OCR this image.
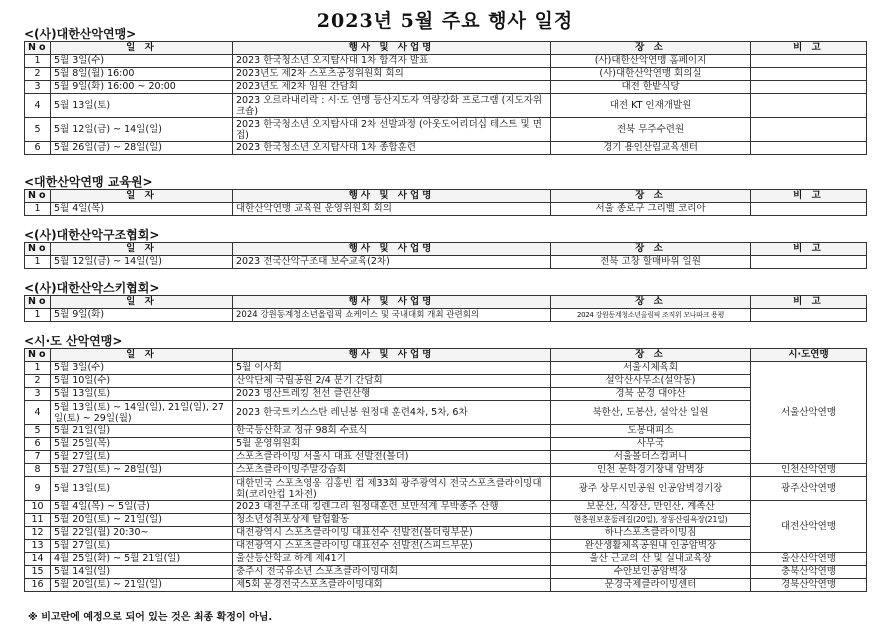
2023년 5월 주요 행사 일정
<(사)대한산악연맹>
No	일 자	행사 및 사업명	장 소	비 고
1	5월 3일(수)	2023 한국청소년 오지탐사대 1차 합격자 발표	(사)대한산악연맹 홈페이지	
2	5월 8일(월) 16:00	2023년도 제2차 스포츠공정위원회 회의	(사)대한산악연맹 회의실	
3	5월 9일(화) 16:00 ~ 20:00	2023년도 제2차 임원 간담회	대전 한밭식당	
4	5월 13일(토)	2023 오르라내리락 : 시·도 연맹 등산지도자 역량강화 프로그램 (지도자위크숍)	대전 KT 인재개발원	
5	5월 12일(금) ~ 14일(일)	2023 한국청소년 오지탐사대 2차 선발과정 (아웃도어리더십 테스트 및 면접)	전북 무주수련원	
6	5월 26일(금) ~ 28일(일)	2023 한국청소년 오지탐사대 1차 종합훈련	경기 용인산림교육센터	
<대한산악연맹 교육원>
No	일 자	행사 및 사업명	장 소	비 고
1	5월 4일(목)	대한산악연맹 교육원 운영위원회 회의	서울 종로구 그리벨 코리아	
<(사)대한산악구조협회>
No	일 자	행사 및 사업명	장 소	비 고
1	5월 12일(금) ~ 14일(일)	2023 전국산악구조대 보수교육(2차)	전북 고창 할매바위 일원	
<(사)대한산악스키협회>
No	일 자	행사 및 사업명	장 소	비 고
1	5월 9일(화)	2024 강원동계청소년올림픽 쇼케이스 및 국내대회 개최 관련회의	2024 강원동계청소년올림픽 조직위 모나파크 용평	
<시·도 산악연맹>
No	일 자	행사 및 사업명	장 소	시·도연맹
1	5월 3일(수)	5월 이사회	서울시체육회	서울산악연맹
2	5월 10일(수)	산악단체 국립공원 2/4 분기 간담회	설악산사무소(설악동)	
3	5월 13일(토)	2023 명산트레킹 천선 클린산행	경북 문경 대야산	
4	5월 13일(토) ~ 14일(일), 21일(일), 27일(토) ~ 29일(월)	2023 한국트키스스탄 레닌봉 원정대 훈련4차, 5차, 6차	북한산, 도봉산, 설악산 일원	
5	5월 21일(일)	한국등산학교 정규 98회 수료식	도봉대피소	
6	5월 25일(목)	5월 운영위원회	사무국	
7	5월 27일(토)	스포츠클라이밍 서울시 대표 선발전(볼더)	서울볼더스컴퍼니	
8	5월 27일(토) ~ 28일(일)	스포츠클라이밍주말강습회	인천 문학경기장내 암벽장	인천산악연맹
9	5월 13일(토)	대한민국 스포츠영웅 김홍빈 컵 제33회 광주광역시 전국스포츠클라이밍대회(코리안컵 1차전)	광주 상무시민공원 인공암벽경기장	광주산악연맹
10	5월 4일(목) ~ 5일(금)	2023 대전구조대 킹렌그리 원정대훈련 보만석계 무박종주 산행	보문산, 식장산, 만인산, 계족산	대전산악연맹
11	5월 20일(토) ~ 21일(일)	청소년성취포상제 탐험활동	현충원보훈둘레길(20일), 장동산림욕장(21일)	
12	5월 22일(월) 20:30~	대전광역시 스포츠클라이밍 대표선수 선발전(볼더링부문)	하나스포츠클라이밍짐	
13	5월 27일(토)	대전광역시 스포츠클라이밍 대표선수 선발전(스피드부문)	완산생활체육공원내 인공암벽장	
14	4월 25일(화) ~ 5월 21일(일)	울산등산학교 하계 제41기	울산 근교의 산 및 실내교육장	울산산악연맹
15	5월 14일(일)	충주시 전국유소년 스포츠클라이밍대회	수안보인공암벽장	충북산악연맹
16	5월 20일(토) ~ 21일(일)	제5회 문경전국스포츠클라이밍대회	문경국제클라이밍센터	경북산악연맹
※ 비고란에 예정으로 되어 있는 것은 최종 확정이 아님.
